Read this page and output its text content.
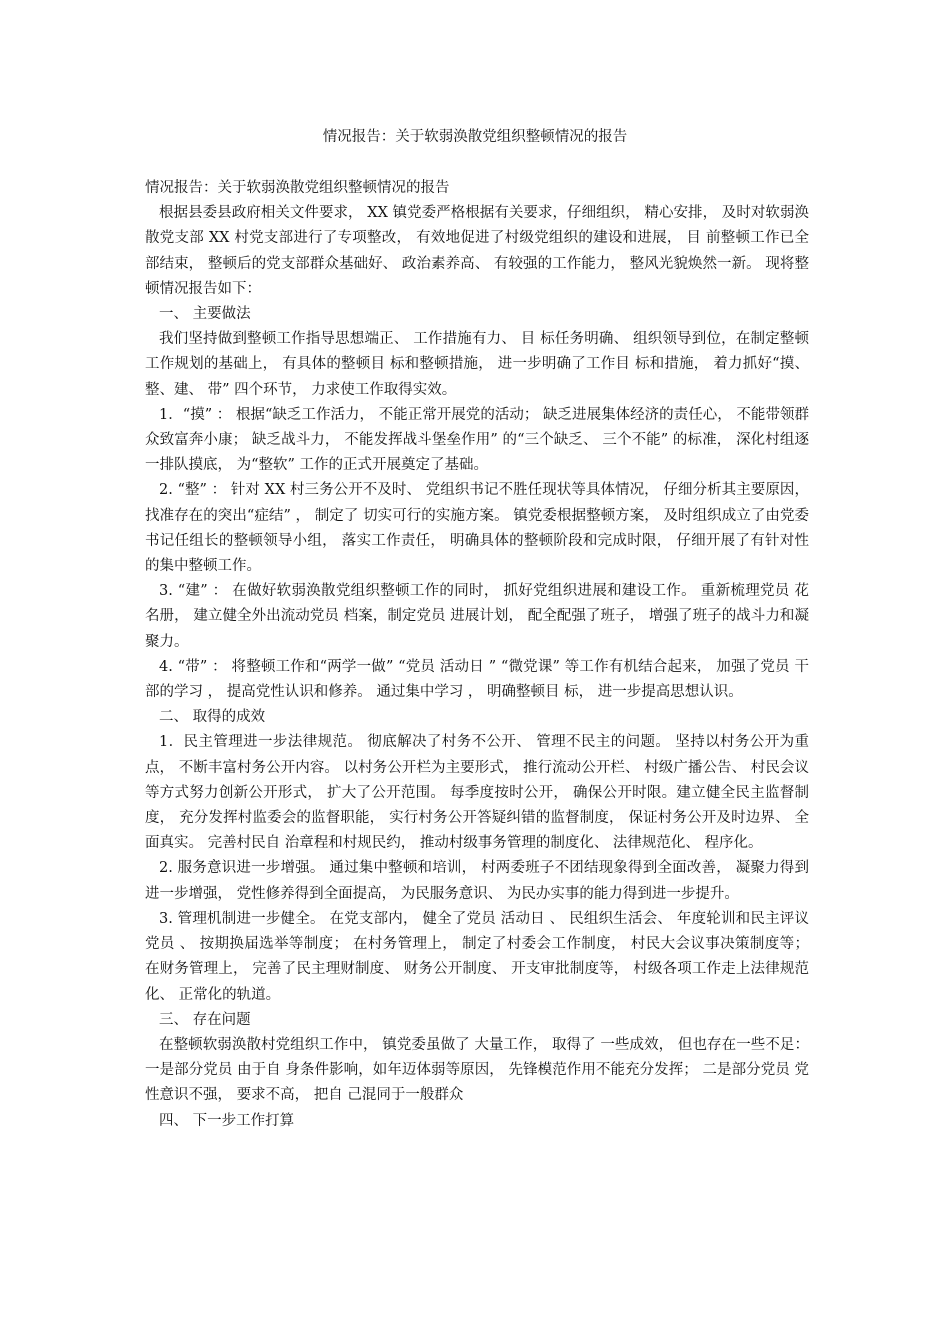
情况报告：关于软弱涣散党组织整顿情况的报告

情况报告：关于软弱涣散党组织整顿情况的报告

根据县委县政府相关文件要求， XX 镇党委严格根据有关要求，仔细组织， 精心安排， 及时对软弱涣散党支部 XX 村党支部进行了专项整改， 有效地促进了村级党组织的建设和进展， 目 前整顿工作已全部结束， 整顿后的党支部群众基础好、 政治素养高、 有较强的工作能力， 整风光貌焕然一新。 现将整顿情况报告如下：

一、 主要做法

我们坚持做到整顿工作指导思想端正、 工作措施有力、 目 标任务明确、 组织领导到位，在制定整顿工作规划的基础上， 有具体的整顿目 标和整顿措施， 进一步明确了工作目 标和措施， 着力抓好“摸、 整、建、 带” 四个环节， 力求使工作取得实效。

1．“摸” ： 根据“缺乏工作活力， 不能正常开展党的活动； 缺乏进展集体经济的责任心， 不能带领群众致富奔小康； 缺乏战斗力， 不能发挥战斗堡垒作用” 的“三个缺乏、 三个不能” 的标准， 深化村组逐一排队摸底， 为“整软” 工作的正式开展奠定了基础。

2. “整” ： 针对 XX 村三务公开不及时、 党组织书记不胜任现状等具体情况， 仔细分析其主要原因， 找准存在的突出“症结” ， 制定了 切实可行的实施方案。 镇党委根据整顿方案， 及时组织成立了由党委书记任组长的整顿领导小组， 落实工作责任， 明确具体的整顿阶段和完成时限， 仔细开展了有针对性的集中整顿工作。

3. “建” ： 在做好软弱涣散党组织整顿工作的同时， 抓好党组织进展和建设工作。 重新梳理党员 花名册， 建立健全外出流动党员 档案，制定党员 进展计划， 配全配强了班子， 增强了班子的战斗力和凝聚力。

4. “带” ： 将整顿工作和“两学一做” “党员 活动日 ” “微党课” 等工作有机结合起来， 加强了党员 干部的学习 ， 提高党性认识和修养。 通过集中学习 ， 明确整顿目 标， 进一步提高思想认识。

二、 取得的成效

1．民主管理进一步法律规范。 彻底解决了村务不公开、 管理不民主的问题。 坚持以村务公开为重点， 不断丰富村务公开内容。 以村务公开栏为主要形式， 推行流动公开栏、 村级广播公告、 村民会议等方式努力创新公开形式， 扩大了公开范围。 每季度按时公开， 确保公开时限。建立健全民主监督制度， 充分发挥村监委会的监督职能， 实行村务公开答疑纠错的监督制度， 保证村务公开及时边界、 全面真实。 完善村民自 治章程和村规民约， 推动村级事务管理的制度化、 法律规范化、 程序化。

2. 服务意识进一步增强。 通过集中整顿和培训， 村两委班子不团结现象得到全面改善， 凝聚力得到进一步增强， 党性修养得到全面提高， 为民服务意识、 为民办实事的能力得到进一步提升。

3. 管理机制进一步健全。 在党支部内， 健全了党员 活动日 、 民组织生活会、 年度轮训和民主评议党员 、 按期换届选举等制度； 在村务管理上， 制定了村委会工作制度， 村民大会议事决策制度等； 在财务管理上， 完善了民主理财制度、 财务公开制度、 开支审批制度等， 村级各项工作走上法律规范化、 正常化的轨道。

三、 存在问题

在整顿软弱涣散村党组织工作中， 镇党委虽做了 大量工作， 取得了 一些成效， 但也存在一些不足： 一是部分党员 由于自 身条件影响，如年迈体弱等原因， 先锋模范作用不能充分发挥； 二是部分党员 党性意识不强， 要求不高， 把自 己混同于一般群众

四、 下一步工作打算
